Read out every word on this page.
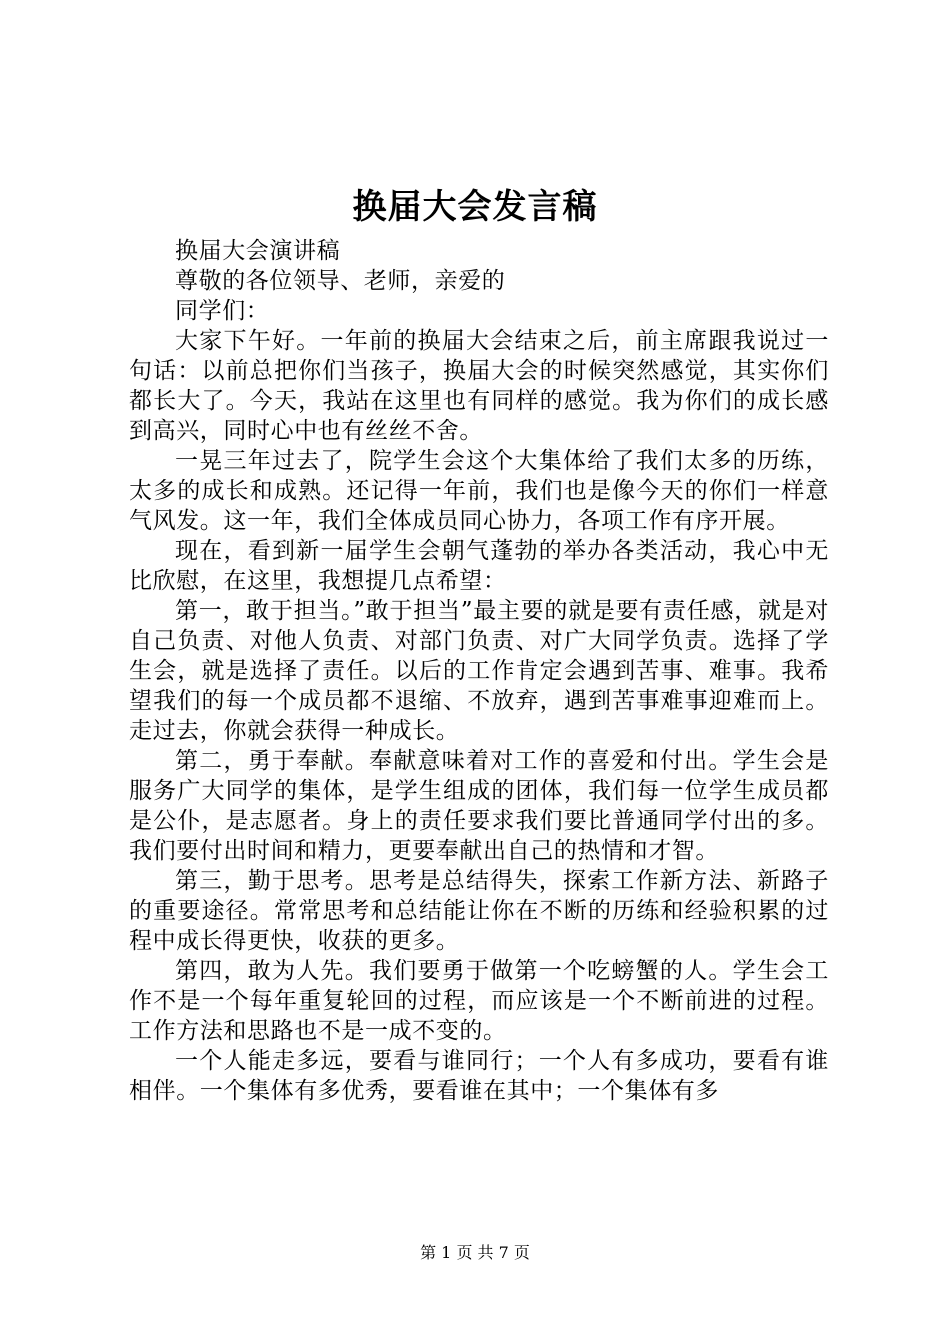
换届大会发言稿

换届大会演讲稿

尊敬的各位领导、老师，亲爱的

同学们：

大家下午好。一年前的换届大会结束之后，前主席跟我说过一句话：以前总把你们当孩子，换届大会的时候突然感觉，其实你们都长大了。今天，我站在这里也有同样的感觉。我为你们的成长感到高兴，同时心中也有丝丝不舍。

一晃三年过去了，院学生会这个大集体给了我们太多的历练，太多的成长和成熟。还记得一年前，我们也是像今天的你们一样意气风发。这一年，我们全体成员同心协力，各项工作有序开展。

现在，看到新一届学生会朝气蓬勃的举办各类活动，我心中无比欣慰，在这里，我想提几点希望：

第一，敢于担当。”敢于担当”最主要的就是要有责任感，就是对自己负责、对他人负责、对部门负责、对广大同学负责。选择了学生会，就是选择了责任。以后的工作肯定会遇到苦事、难事。我希望我们的每一个成员都不退缩、不放弃，遇到苦事难事迎难而上。走过去，你就会获得一种成长。

第二，勇于奉献。奉献意味着对工作的喜爱和付出。学生会是服务广大同学的集体，是学生组成的团体，我们每一位学生成员都是公仆，是志愿者。身上的责任要求我们要比普通同学付出的多。我们要付出时间和精力，更要奉献出自己的热情和才智。

第三，勤于思考。思考是总结得失，探索工作新方法、新路子的重要途径。常常思考和总结能让你在不断的历练和经验积累的过程中成长得更快，收获的更多。

第四，敢为人先。我们要勇于做第一个吃螃蟹的人。学生会工作不是一个每年重复轮回的过程，而应该是一个不断前进的过程。工作方法和思路也不是一成不变的。

一个人能走多远，要看与谁同行；一个人有多成功，要看有谁相伴。一个集体有多优秀，要看谁在其中；一个集体有多

第 1 页 共 7 页
